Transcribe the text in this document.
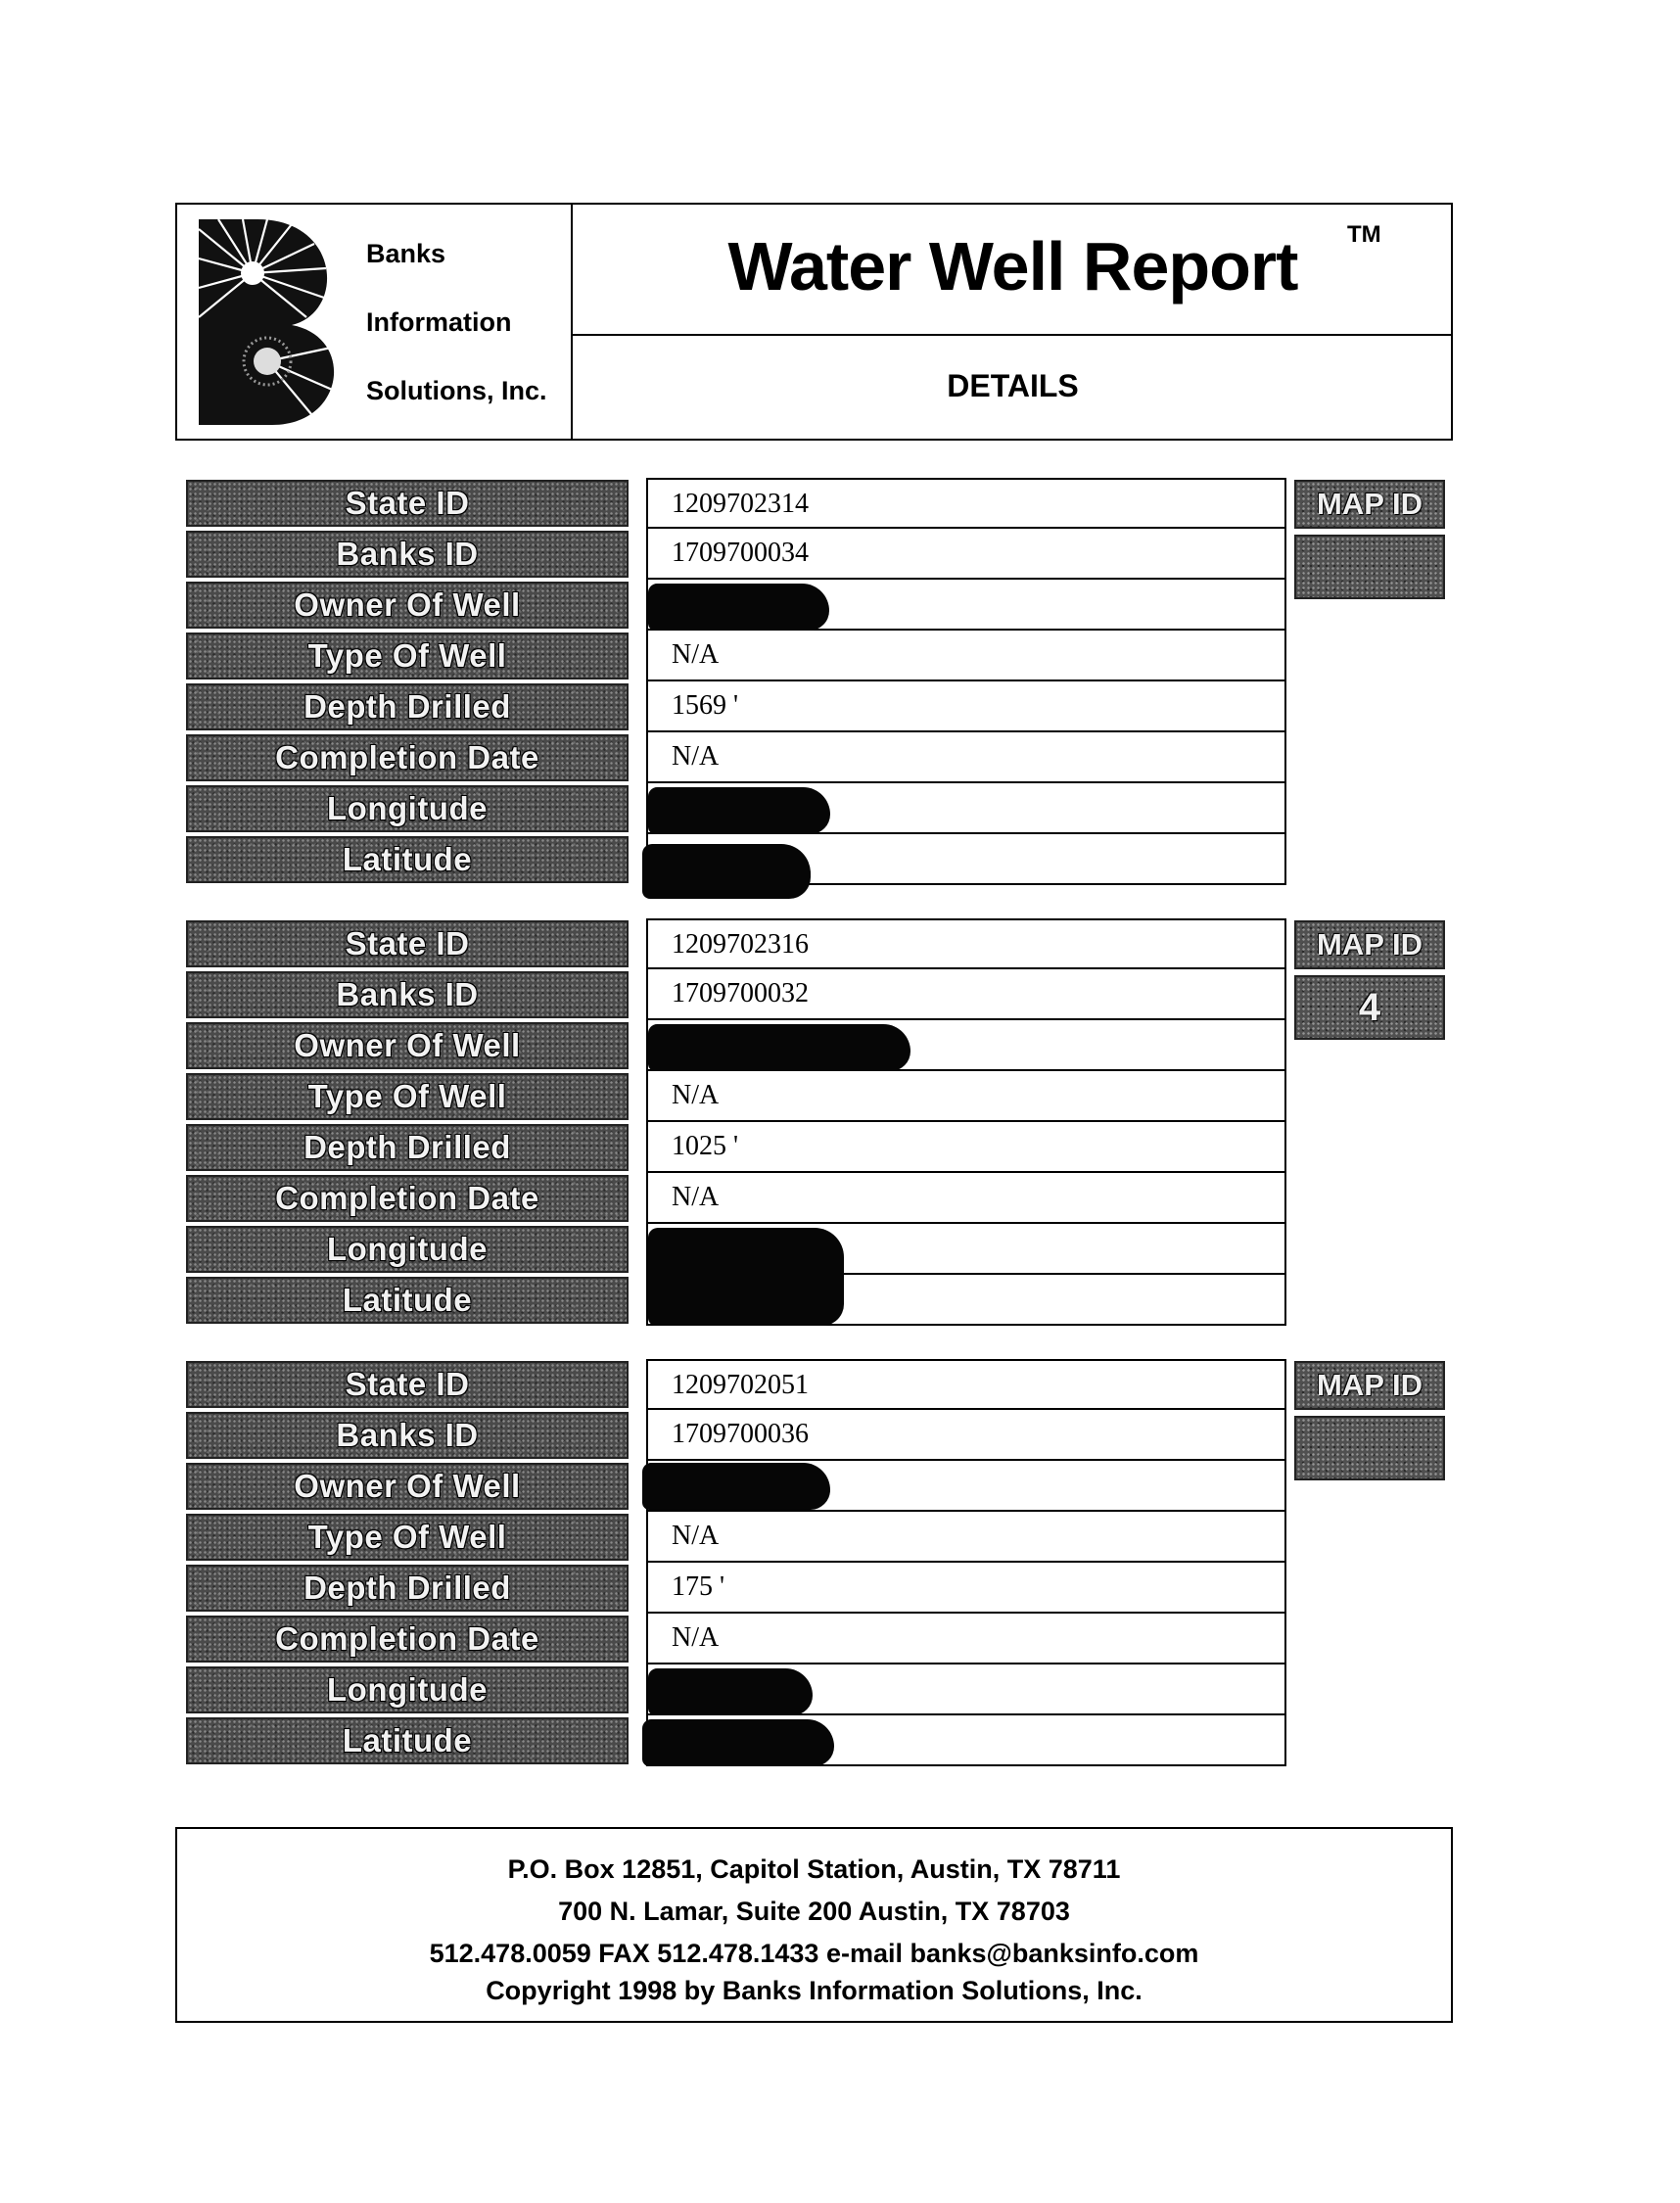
Banks
Information
Solutions, Inc.
Water Well Report	TM
DETAILS
State ID
Banks ID
Owner Of Well
Type Of Well
Depth Drilled
Completion Date
Longitude
Latitude
1209702314
1709700034
N/A
1569 '
N/A
MAP ID
State ID
Banks ID
Owner Of Well
Type Of Well
Depth Drilled
Completion Date
Longitude
Latitude
1209702316
1709700032
N/A
1025 '
N/A
MAP ID
4
State ID
Banks ID
Owner Of Well
Type Of Well
Depth Drilled
Completion Date
Longitude
Latitude
1209702051
1709700036
N/A
175 '
N/A
MAP ID
P.O. Box 12851, Capitol Station, Austin, TX 78711
700 N. Lamar, Suite 200 Austin, TX 78703
512.478.0059 FAX 512.478.1433 e-mail banks@banksinfo.com
Copyright 1998 by Banks Information Solutions, Inc.
